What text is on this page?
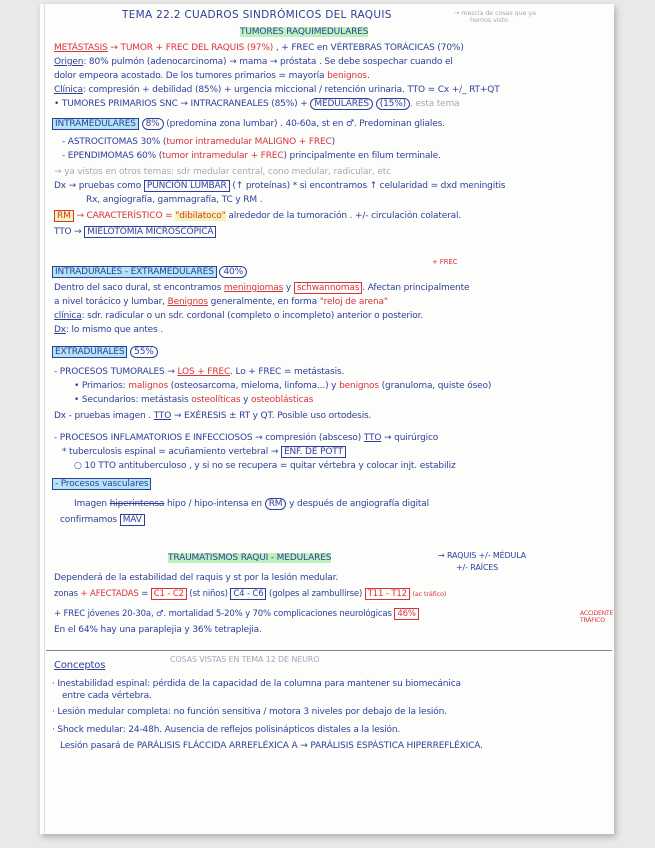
TEMA 22.2 CUADROS SINDRÓMICOS DEL RAQUIS	→ mezcla de cosas que ya
hemos visto
TUMORES RAQUIMEDULARES
METÁSTASIS → TUMOR + FREC DEL RAQUIS (97%) , + FREC en VÉRTEBRAS TORÁCICAS (70%)
Origen: 80% pulmón (adenocarcinoma) → mama → próstata . Se debe sospechar cuando el
dolor empeora acostado. De los tumores primarios = mayoría benignos.
Clínica: compresión + debilidad (85%) + urgencia miccional / retención urinaria. TTO = Cx +/_ RT+QT
• TUMORES PRIMARIOS SNC → INTRACRANEALES (85%) + MEDULARES (15%) , esta tema
INTRAMEDULARES 8% (predomina zona lumbar) . 40-60a, st en ♂. Predominan gliales.
- ASTROCITOMAS 30% (tumor intramedular MALIGNO + FREC)
- EPENDIMOMAS 60% (tumor intramedular + FREC) principalmente en filum terminale.
→ ya vistos en otros temas: sdr medular central, cono medular, radicular, etc
Dx → pruebas como PUNCIÓN LUMBAR (↑ proteínas) * si encontramos ↑ celularidad = dxd meningitis
Rx, angiografía, gammagrafía, TC y RM .
RM → CARACTERÍSTICO = "dibilatoco" alrededor de la tumoración . +/- circulación colateral.
TTO → MIELOTOMÍA MICROSCÓPICA
+ FREC
INTRADURALES - EXTRAMEDULARES 40%
Dentro del saco dural, st encontramos meningiomas y schwannomas . Afectan principalmente
a nivel torácico y lumbar, Benignos generalmente, en forma "reloj de arena"
clínica: sdr. radicular o un sdr. cordonal (completo o incompleto) anterior o posterior.
Dx: lo mismo que antes .
EXTRADURALES 55%
- PROCESOS TUMORALES → LOS + FREC. Lo + FREC = metástasis.
• Primarios: malignos (osteosarcoma, mieloma, linfoma...) y benignos (granuloma, quiste óseo)
• Secundarios: metástasis osteolíticas y osteoblásticas
Dx - pruebas imagen . TTO → EXÉRESIS ± RT y QT. Posible uso ortodesis.
- PROCESOS INFLAMATORIOS E INFECCIOSOS → compresión (absceso) TTO → quirúrgico
* tuberculosis espinal = acuñamiento vertebral → ENF. DE POTT
○ 10 TTO antituberculoso , y si no se recupera = quitar vértebra y colocar injt. estabiliz
- Procesos vasculares
Imagen hiperintensa hipo / hipo-intensa en RM y después de angiografía digital
confirmamos MAV
TRAUMATISMOS RAQUI - MEDULARES	→ RAQUIS +/- MÉDULA
+/- RAÍCES
Dependerá de la estabilidad del raquis y st por la lesión medular.
zonas + AFECTADAS = C1 - C2 (st niños) C4 - C6 (golpes al zambullirse) T11 - T12 (ac tráfico)
+ FREC jóvenes 20-30a, ♂. mortalidad 5-20% y 70% complicaciones neurológicas 46%	ACCIDENTE
TRÁFICO
En el 64% hay una paraplejia y 36% tetraplejia.
COSAS VISTAS EN TEMA 12 DE NEURO
Conceptos
· Inestabilidad espinal: pérdida de la capacidad de la columna para mantener su biomecánica
entre cada vértebra.
· Lesión medular completa: no función sensitiva / motora 3 niveles por debajo de la lesión.
· Shock medular: 24-48h. Ausencia de reflejos polisinápticos distales a la lesión.
Lesión pasará de PARÁLISIS FLÁCCIDA ARREFLÉXICA A → PARÁLISIS ESPÁSTICA HIPERREFLÉXICA.
